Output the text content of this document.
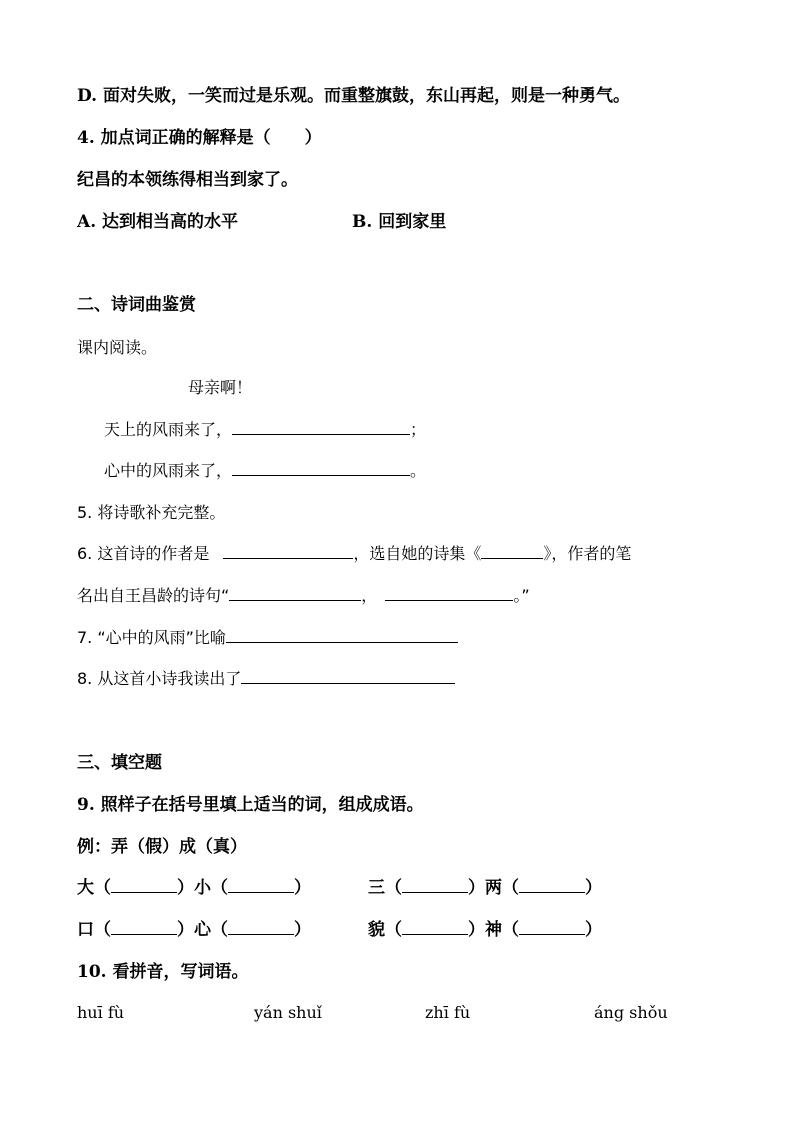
D. 面对失败，一笑而过是乐观。而重整旗鼓，东山再起，则是一种勇气。
4. 加点词正确的解释是（　　）
纪昌的本领练得相当到家了。
A. 达到相当高的水平	B. 回到家里
二、诗词曲鉴赏
课内阅读。
母亲啊！
天上的风雨来了，	；
心中的风雨来了，	。
5. 将诗歌补充完整。
6. 这首诗的作者是	，选自她的诗集《	》，作者的笔
名出自王昌龄的诗句“	，	。”
7. “心中的风雨”比喻
8. 从这首小诗我读出了
三、填空题
9. 照样子在括号里填上适当的词，组成成语。
例：弄（假）成（真）
大（	）小（	）	三（	）两（	）
口（	）心（	）	貌（	）神（	）
10. 看拼音，写词语。
huī fù	yán shuǐ	zhī fù	áng shǒu
